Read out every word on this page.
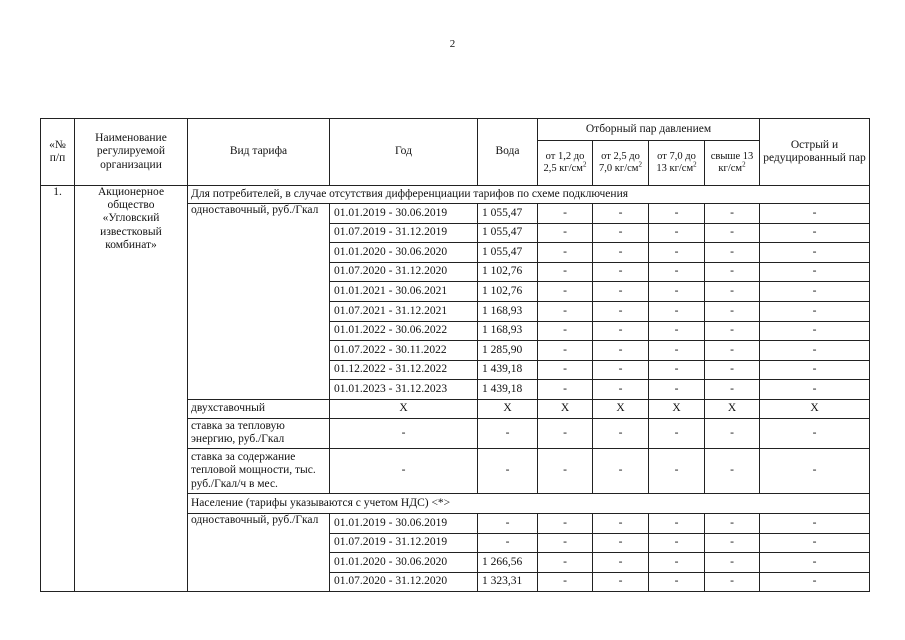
2
«№ п/п	Наименование регулируемой организации	Вид тарифа	Год	Вода	Отборный пар давлением				Острый и редуцированный пар
					от 1,2 до 2,5 $кг/см^2$	от 2,5 до 7,0 $кг/см^2$	от 7,0 до 13 $кг/см^2$	свыше 13 $кг/см^2$
1.	Акционерное общество «Угловский известковый комбинат»	Для потребителей, в случае отсутствия дифференциации тарифов по схеме подключения							
		одноставочный, руб./Гкал	01.01.2019 - 30.06.2019	1 055,47	-	-	-	-	-
			01.07.2019 - 31.12.2019	1 055,47	-	-	-	-	-
			01.01.2020 - 30.06.2020	1 055,47	-	-	-	-	-
			01.07.2020 - 31.12.2020	1 102,76	-	-	-	-	-
			01.01.2021 - 30.06.2021	1 102,76	-	-	-	-	-
			01.07.2021 - 31.12.2021	1 168,93	-	-	-	-	-
			01.01.2022 - 30.06.2022	1 168,93	-	-	-	-	-
			01.07.2022 - 30.11.2022	1 285,90	-	-	-	-	-
			01.12.2022 - 31.12.2022	1 439,18	-	-	-	-	-
			01.01.2023 - 31.12.2023	1 439,18	-	-	-	-	-
		двухставочный	Х	Х	Х	Х	Х	Х	Х
		ставка за тепловую энергию, руб./Гкал	-	-	-	-	-	-	-
		ставка за содержание тепловой мощности, тыс. руб./Гкал/ч в мес.	-	-	-	-	-	-	-
		Население (тарифы указываются с учетом НДС) <*>							
		одноставочный, руб./Гкал	01.01.2019 - 30.06.2019	-	-	-	-	-	-
			01.07.2019 - 31.12.2019	-	-	-	-	-	-
			01.01.2020 - 30.06.2020	1 266,56	-	-	-	-	-
			01.07.2020 - 31.12.2020	1 323,31	-	-	-	-	-
